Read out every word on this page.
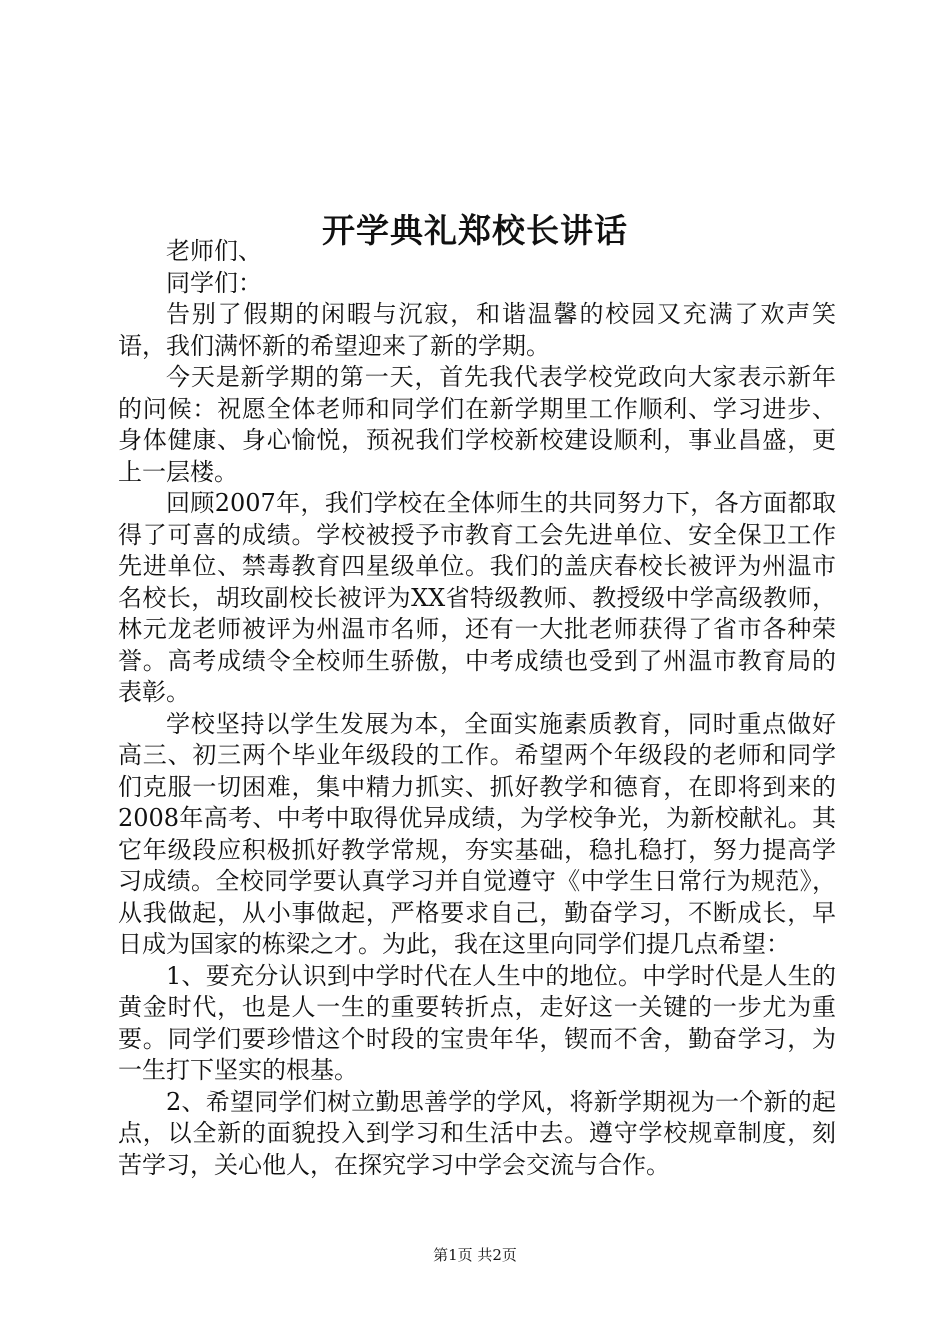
开学典礼郑校长讲话

老师们、

同学们：

告别了假期的闲暇与沉寂，和谐温馨的校园又充满了欢声笑语，我们满怀新的希望迎来了新的学期。

今天是新学期的第一天，首先我代表学校党政向大家表示新年的问候：祝愿全体老师和同学们在新学期里工作顺利、学习进步、身体健康、身心愉悦，预祝我们学校新校建设顺利，事业昌盛，更上一层楼。

回顾2007年，我们学校在全体师生的共同努力下，各方面都取得了可喜的成绩。学校被授予市教育工会先进单位、安全保卫工作先进单位、禁毒教育四星级单位。我们的盖庆春校长被评为州温市名校长，胡玫副校长被评为XX省特级教师、教授级中学高级教师，林元龙老师被评为州温市名师，还有一大批老师获得了省市各种荣誉。高考成绩令全校师生骄傲，中考成绩也受到了州温市教育局的表彰。

学校坚持以学生发展为本，全面实施素质教育，同时重点做好高三、初三两个毕业年级段的工作。希望两个年级段的老师和同学们克服一切困难，集中精力抓实、抓好教学和德育，在即将到来的2008年高考、中考中取得优异成绩，为学校争光，为新校献礼。其它年级段应积极抓好教学常规，夯实基础，稳扎稳打，努力提高学习成绩。全校同学要认真学习并自觉遵守《中学生日常行为规范》，从我做起，从小事做起，严格要求自己，勤奋学习，不断成长，早日成为国家的栋梁之才。为此，我在这里向同学们提几点希望：

1、要充分认识到中学时代在人生中的地位。中学时代是人生的黄金时代，也是人一生的重要转折点，走好这一关键的一步尤为重要。同学们要珍惜这个时段的宝贵年华，锲而不舍，勤奋学习，为一生打下坚实的根基。

2、希望同学们树立勤思善学的学风，将新学期视为一个新的起点，以全新的面貌投入到学习和生活中去。遵守学校规章制度，刻苦学习，关心他人，在探究学习中学会交流与合作。

第1页 共2页
